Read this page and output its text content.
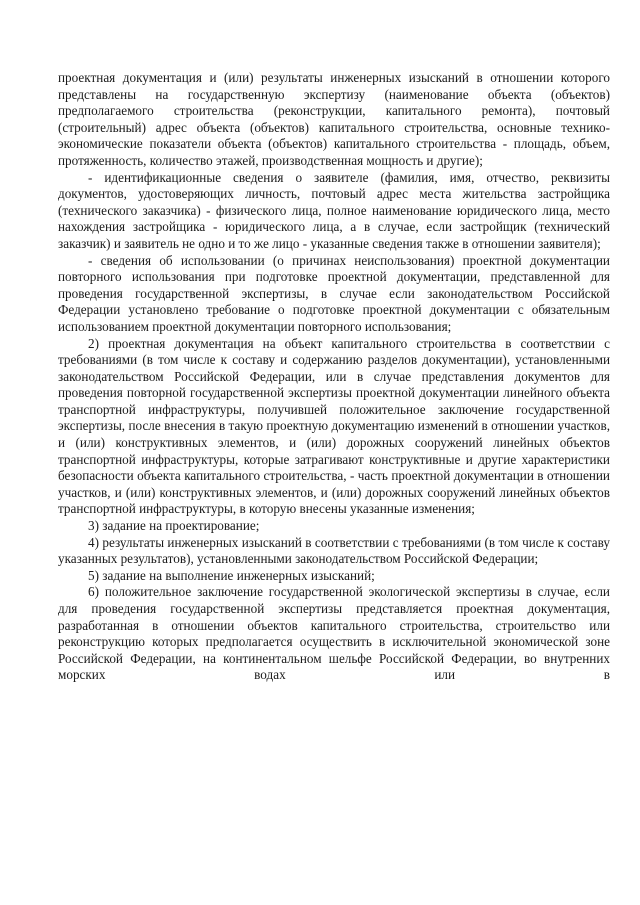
проектная документация и (или) результаты инженерных изысканий в отношении которого представлены на государственную экспертизу (наименование объекта (объектов) предполагаемого строительства (реконструкции, капитального ремонта), почтовый (строительный) адрес объекта (объектов) капитального строительства, основные технико-экономические показатели объекта (объектов) капитального строительства - площадь, объем, протяженность, количество этажей, производственная мощность и другие);

- идентификационные сведения о заявителе (фамилия, имя, отчество, реквизиты документов, удостоверяющих личность, почтовый адрес места жительства застройщика (технического заказчика) - физического лица, полное наименование юридического лица, место нахождения застройщика - юридического лица, а в случае, если застройщик (технический заказчик) и заявитель не одно и то же лицо - указанные сведения также в отношении заявителя);

- сведения об использовании (о причинах неиспользования) проектной документации повторного использования при подготовке проектной документации, представленной для проведения государственной экспертизы, в случае если законодательством Российской Федерации установлено требование о подготовке проектной документации с обязательным использованием проектной документации повторного использования;

2) проектная документация на объект капитального строительства в соответствии с требованиями (в том числе к составу и содержанию разделов документации), установленными законодательством Российской Федерации, или в случае представления документов для проведения повторной государственной экспертизы проектной документации линейного объекта транспортной инфраструктуры, получившей положительное заключение государственной экспертизы, после внесения в такую проектную документацию изменений в отношении участков, и (или) конструктивных элементов, и (или) дорожных сооружений линейных объектов транспортной инфраструктуры, которые затрагивают конструктивные и другие характеристики безопасности объекта капитального строительства, - часть проектной документации в отношении участков, и (или) конструктивных элементов, и (или) дорожных сооружений линейных объектов транспортной инфраструктуры, в которую внесены указанные изменения;

3) задание на проектирование;

4) результаты инженерных изысканий в соответствии с требованиями (в том числе к составу указанных результатов), установленными законодательством Российской Федерации;

5) задание на выполнение инженерных изысканий;

6) положительное заключение государственной экологической экспертизы в случае, если для проведения государственной экспертизы представляется проектная документация, разработанная в отношении объектов капитального строительства, строительство или реконструкцию которых предполагается осуществить в исключительной экономической зоне Российской Федерации, на континентальном шельфе Российской Федерации, во внутренних морских водах или в
